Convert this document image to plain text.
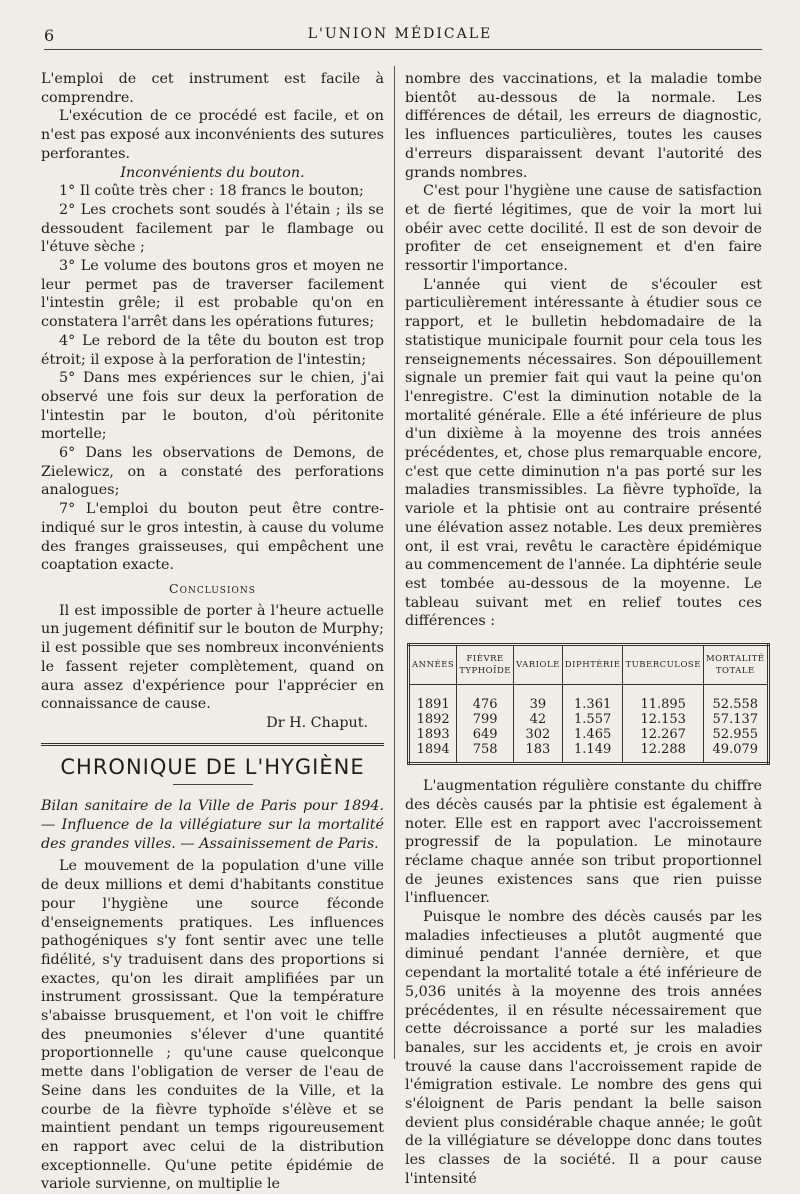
6	L'UNION MÉDICALE

L'emploi de cet instrument est facile à comprendre.

L'exécution de ce procédé est facile, et on n'est pas exposé aux inconvénients des sutures perforantes.

Inconvénients du bouton.

1° Il coûte très cher : 18 francs le bouton;

2° Les crochets sont soudés à l'étain ; ils se dessoudent facilement par le flambage ou l'étuve sèche ;

3° Le volume des boutons gros et moyen ne leur permet pas de traverser facilement l'intestin grêle; il est probable qu'on en constatera l'arrêt dans les opérations futures;

4° Le rebord de la tête du bouton est trop étroit; il expose à la perforation de l'intestin;

5° Dans mes expériences sur le chien, j'ai observé une fois sur deux la perforation de l'intestin par le bouton, d'où péritonite mortelle;

6° Dans les observations de Demons, de Zielewicz, on a constaté des perforations analogues;

7° L'emploi du bouton peut être contre-indiqué sur le gros intestin, à cause du volume des franges graisseuses, qui empêchent une coaptation exacte.

Conclusions

Il est impossible de porter à l'heure actuelle un jugement définitif sur le bouton de Murphy; il est possible que ses nombreux inconvénients le fassent rejeter complètement, quand on aura assez d'expérience pour l'apprécier en connaissance de cause.

Dr H. Chaput.

CHRONIQUE DE L'HYGIÈNE

Bilan sanitaire de la Ville de Paris pour 1894. — Influence de la villégiature sur la mortalité des grandes villes. — Assainissement de Paris.

Le mouvement de la population d'une ville de deux millions et demi d'habitants constitue pour l'hygiène une source féconde d'enseignements pratiques. Les influences pathogéniques s'y font sentir avec une telle fidélité, s'y traduisent dans des proportions si exactes, qu'on les dirait amplifiées par un instrument grossissant. Que la température s'abaisse brusquement, et l'on voit le chiffre des pneumonies s'élever d'une quantité proportionnelle ; qu'une cause quelconque mette dans l'obligation de verser de l'eau de Seine dans les conduites de la Ville, et la courbe de la fièvre typhoïde s'élève et se maintient pendant un temps rigoureusement en rapport avec celui de la distribution exceptionnelle. Qu'une petite épidémie de variole survienne, on multiplie le

nombre des vaccinations, et la maladie tombe bientôt au-dessous de la normale. Les différences de détail, les erreurs de diagnostic, les influences particulières, toutes les causes d'erreurs disparaissent devant l'autorité des grands nombres.

C'est pour l'hygiène une cause de satisfaction et de fierté légitimes, que de voir la mort lui obéir avec cette docilité. Il est de son devoir de profiter de cet enseignement et d'en faire ressortir l'importance.

L'année qui vient de s'écouler est particulièrement intéressante à étudier sous ce rapport, et le bulletin hebdomadaire de la statistique municipale fournit pour cela tous les renseignements nécessaires. Son dépouillement signale un premier fait qui vaut la peine qu'on l'enregistre. C'est la diminution notable de la mortalité générale. Elle a été inférieure de plus d'un dixième à la moyenne des trois années précédentes, et, chose plus remarquable encore, c'est que cette diminution n'a pas porté sur les maladies transmissibles. La fièvre typhoïde, la variole et la phtisie ont au contraire présenté une élévation assez notable. Les deux premières ont, il est vrai, revêtu le caractère épidémique au commencement de l'année. La diphtérie seule est tombée au-dessous de la moyenne. Le tableau suivant met en relief toutes ces différences :

ANNÉES	FIÈVRE TYPHOÏDE	VARIOLE	DIPHTÉRIE	TUBERCULOSE	MORTALITÉ TOTALE
1891	476	39	1.361	11.895	52.558
1892	799	42	1.557	12.153	57.137
1893	649	302	1.465	12.267	52.955
1894	758	183	1.149	12.288	49.079

L'augmentation régulière constante du chiffre des décès causés par la phtisie est également à noter. Elle est en rapport avec l'accroissement progressif de la population. Le minotaure réclame chaque année son tribut proportionnel de jeunes existences sans que rien puisse l'influencer.

Puisque le nombre des décès causés par les maladies infectieuses a plutôt augmenté que diminué pendant l'année dernière, et que cependant la mortalité totale a été inférieure de 5,036 unités à la moyenne des trois années précédentes, il en résulte nécessairement que cette décroissance a porté sur les maladies banales, sur les accidents et, je crois en avoir trouvé la cause dans l'accroissement rapide de l'émigration estivale. Le nombre des gens qui s'éloignent de Paris pendant la belle saison devient plus considérable chaque année; le goût de la villégiature se développe donc dans toutes les classes de la société. Il a pour cause l'intensité
